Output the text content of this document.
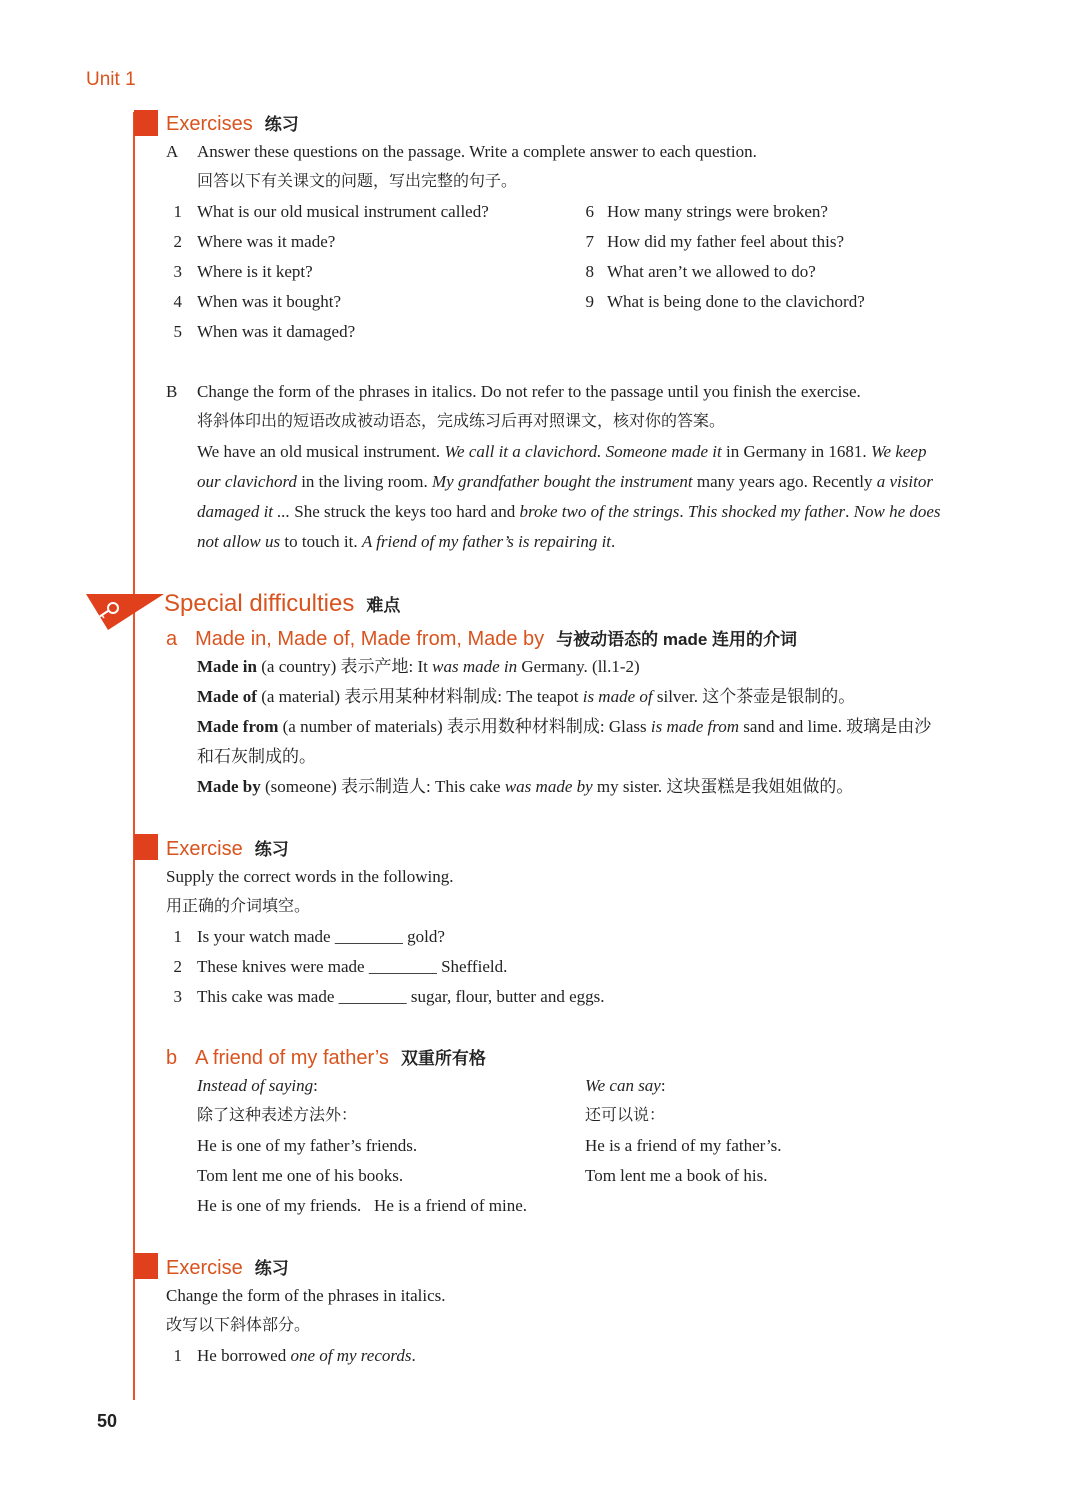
Unit 1
Exercises 练习
A Answer these questions on the passage. Write a complete answer to each question.
回答以下有关课文的问题，写出完整的句子。
1 What is our old musical instrument called?
2 Where was it made?
3 Where is it kept?
4 When was it bought?
5 When was it damaged?
6 How many strings were broken?
7 How did my father feel about this?
8 What aren’t we allowed to do?
9 What is being done to the clavichord?
B Change the form of the phrases in italics. Do not refer to the passage until you finish the exercise.
将斜体印出的短语改成被动语态，完成练习后再对照课文，核对你的答案。
We have an old musical instrument. We call it a clavichord. Someone made it in Germany in 1681. We keep
our clavichord in the living room. My grandfather bought the instrument many years ago. Recently a visitor
damaged it ... She struck the keys too hard and broke two of the strings. This shocked my father. Now he does
not allow us to touch it. A friend of my father’s is repairing it.
Special difficulties 难点
a Made in, Made of, Made from, Made by 与被动语态的 made 连用的介词
Made in (a country) 表示产地: It was made in Germany. (ll.1-2)
Made of (a material) 表示用某种材料制成: The teapot is made of silver. 这个茶壶是银制的。
Made from (a number of materials) 表示用数种材料制成: Glass is made from sand and lime. 玻璃是由沙
和石灰制成的。
Made by (someone) 表示制造人: This cake was made by my sister. 这块蛋糕是我姐姐做的。
Exercise 练习
Supply the correct words in the following.
用正确的介词填空。
1 Is your watch made ________ gold?
2 These knives were made ________ Sheffield.
3 This cake was made ________ sugar, flour, butter and eggs.
b A friend of my father’s 双重所有格
Instead of saying:
除了这种表述方法外：
He is one of my father’s friends.
Tom lent me one of his books.
He is one of my friends.   He is a friend of mine.
We can say:
还可以说：
He is a friend of my father’s.
Tom lent me a book of his.
Exercise 练习
Change the form of the phrases in italics.
改写以下斜体部分。
1 He borrowed one of my records.
50
